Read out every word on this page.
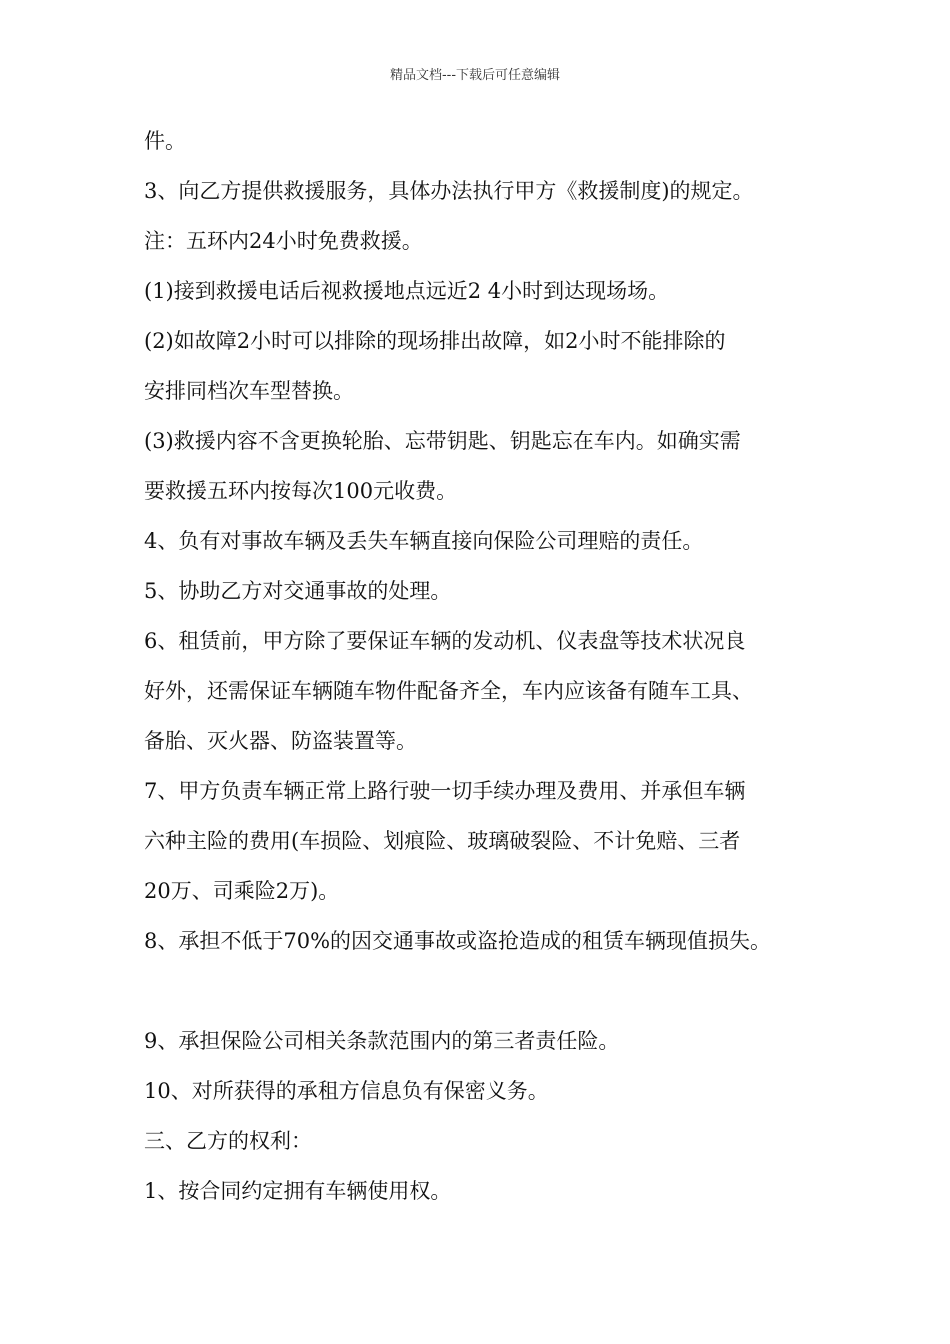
精品文档---下载后可任意编辑
件。
3、向乙方提供救援服务，具体办法执行甲方《救援制度)的规定。
注：五环内24小时免费救援。
(1)接到救援电话后视救援地点远近2 4小时到达现场场。
(2)如故障2小时可以排除的现场排出故障，如2小时不能排除的
安排同档次车型替换。
(3)救援内容不含更换轮胎、忘带钥匙、钥匙忘在车内。如确实需
要救援五环内按每次100元收费。
4、负有对事故车辆及丢失车辆直接向保险公司理赔的责任。
5、协助乙方对交通事故的处理。
6、租赁前，甲方除了要保证车辆的发动机、仪表盘等技术状况良
好外，还需保证车辆随车物件配备齐全，车内应该备有随车工具、
备胎、灭火器、防盗装置等。
7、甲方负责车辆正常上路行驶一切手续办理及费用、并承但车辆
六种主险的费用(车损险、划痕险、玻璃破裂险、不计免赔、三者
20万、司乘险2万)。
8、承担不低于70%的因交通事故或盗抢造成的租赁车辆现值损失。
9、承担保险公司相关条款范围内的第三者责任险。
10、对所获得的承租方信息负有保密义务。
三、乙方的权利：
1、按合同约定拥有车辆使用权。
